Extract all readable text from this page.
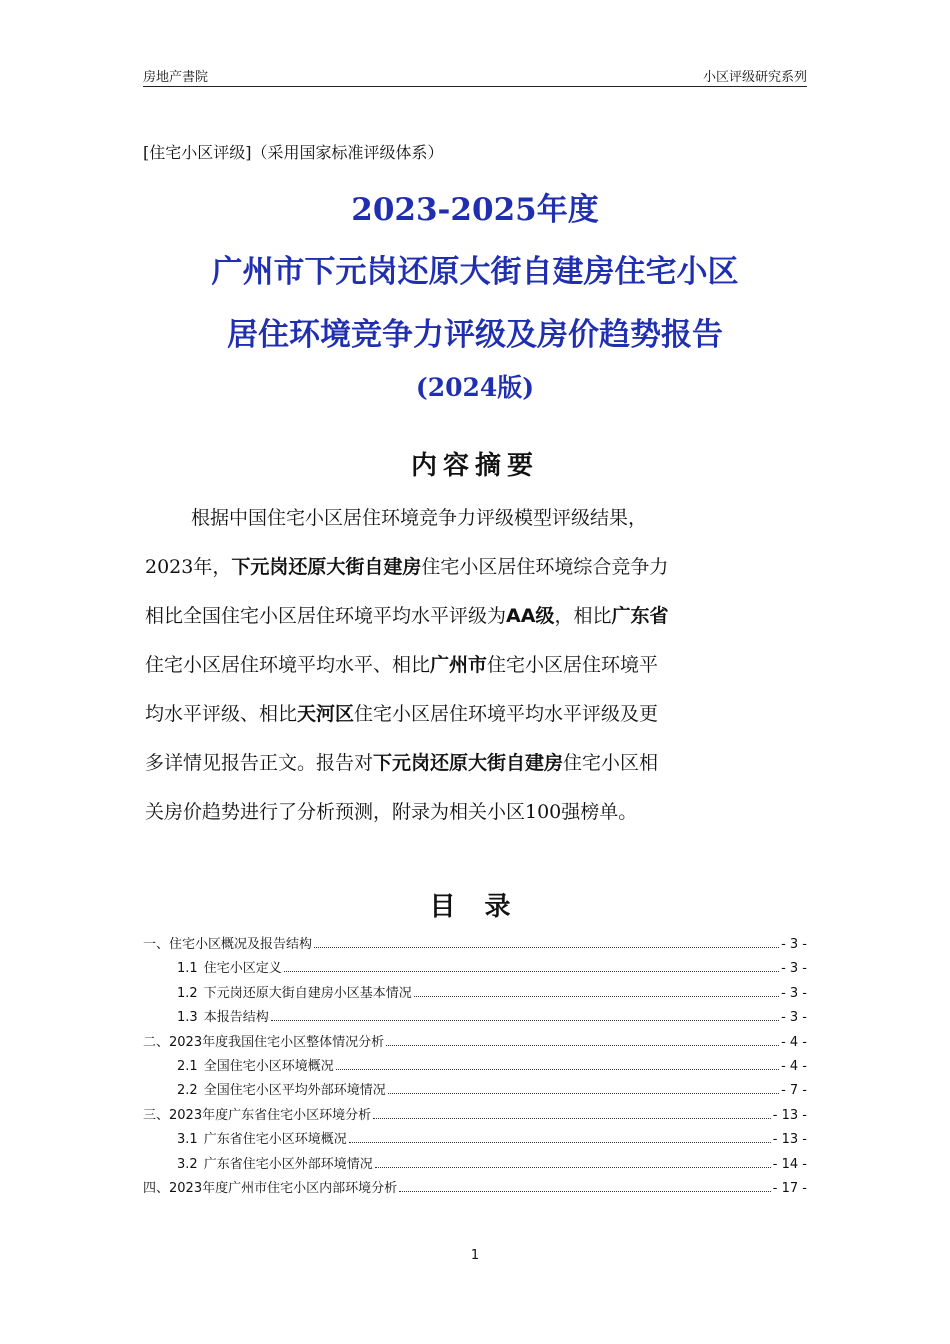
房地产書院	小区评级研究系列
[住宅小区评级]（采用国家标准评级体系）
2023-2025年度
广州市下元岗还原大街自建房住宅小区
居住环境竞争力评级及房价趋势报告
(2024版)
内容摘要
根据中国住宅小区居住环境竞争力评级模型评级结果，
2023年，下元岗还原大街自建房住宅小区居住环境综合竞争力
相比全国住宅小区居住环境平均水平评级为AA级，相比广东省
住宅小区居住环境平均水平、相比广州市住宅小区居住环境平
均水平评级、相比天河区住宅小区居住环境平均水平评级及更
多详情见报告正文。报告对下元岗还原大街自建房住宅小区相
关房价趋势进行了分析预测，附录为相关小区100强榜单。
目 录
一、住宅小区概况及报告结构	- 3 -
1.1 住宅小区定义	- 3 -
1.2 下元岗还原大街自建房小区基本情况	- 3 -
1.3 本报告结构	- 3 -
二、2023年度我国住宅小区整体情况分析	- 4 -
2.1 全国住宅小区环境概况	- 4 -
2.2 全国住宅小区平均外部环境情况	- 7 -
三、2023年度广东省住宅小区环境分析	- 13 -
3.1 广东省住宅小区环境概况	- 13 -
3.2 广东省住宅小区外部环境情况	- 14 -
四、2023年度广州市住宅小区内部环境分析	- 17 -
1
